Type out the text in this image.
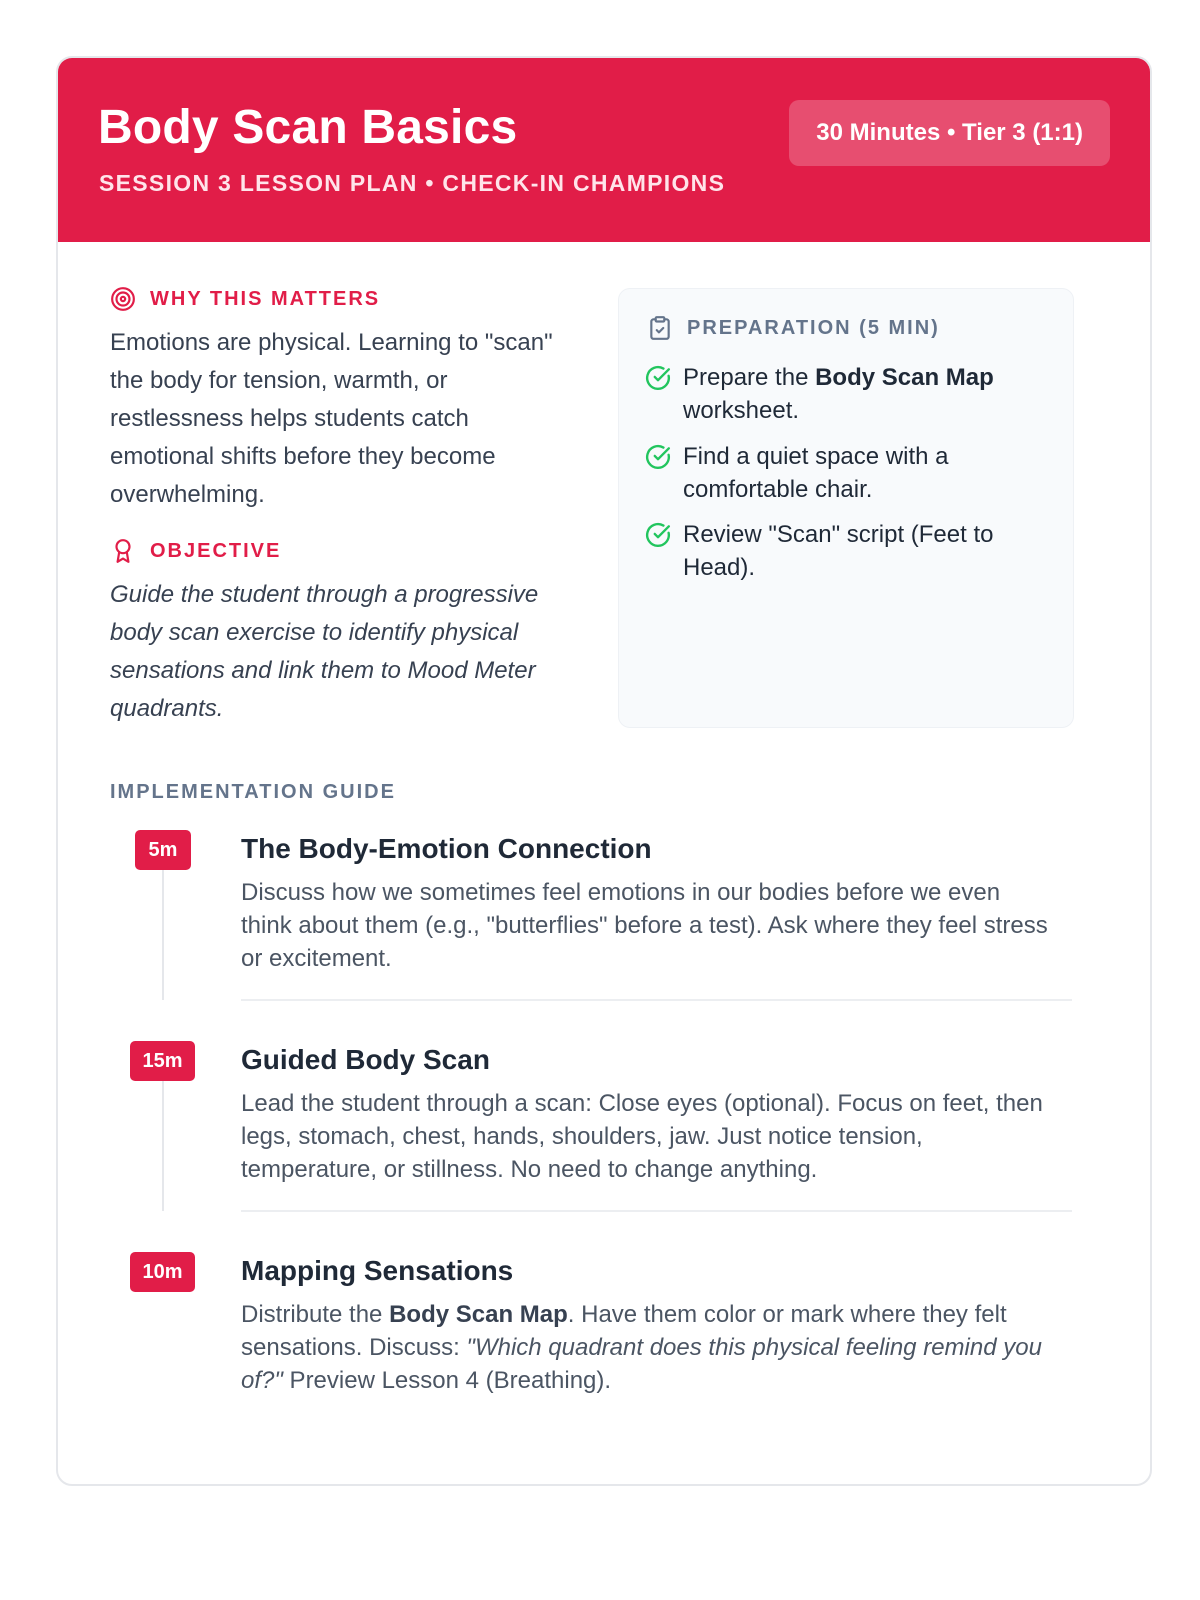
Body Scan Basics
SESSION 3 LESSON PLAN • CHECK-IN CHAMPIONS
30 Minutes • Tier 3 (1:1)
WHY THIS MATTERS
Emotions are physical. Learning to "scan"
the body for tension, warmth, or
restlessness helps students catch
emotional shifts before they become
overwhelming.
OBJECTIVE
Guide the student through a progressive
body scan exercise to identify physical
sensations and link them to Mood Meter
quadrants.
PREPARATION (5 MIN)
Prepare the Body Scan Map
worksheet.
Find a quiet space with a
comfortable chair.
Review "Scan" script (Feet to
Head).
IMPLEMENTATION GUIDE
5m	The Body-Emotion Connection
Discuss how we sometimes feel emotions in our bodies before we even
think about them (e.g., "butterflies" before a test). Ask where they feel stress
or excitement.
15m	Guided Body Scan
Lead the student through a scan: Close eyes (optional). Focus on feet, then
legs, stomach, chest, hands, shoulders, jaw. Just notice tension,
temperature, or stillness. No need to change anything.
10m	Mapping Sensations
Distribute the Body Scan Map. Have them color or mark where they felt
sensations. Discuss: "Which quadrant does this physical feeling remind you
of?" Preview Lesson 4 (Breathing).
